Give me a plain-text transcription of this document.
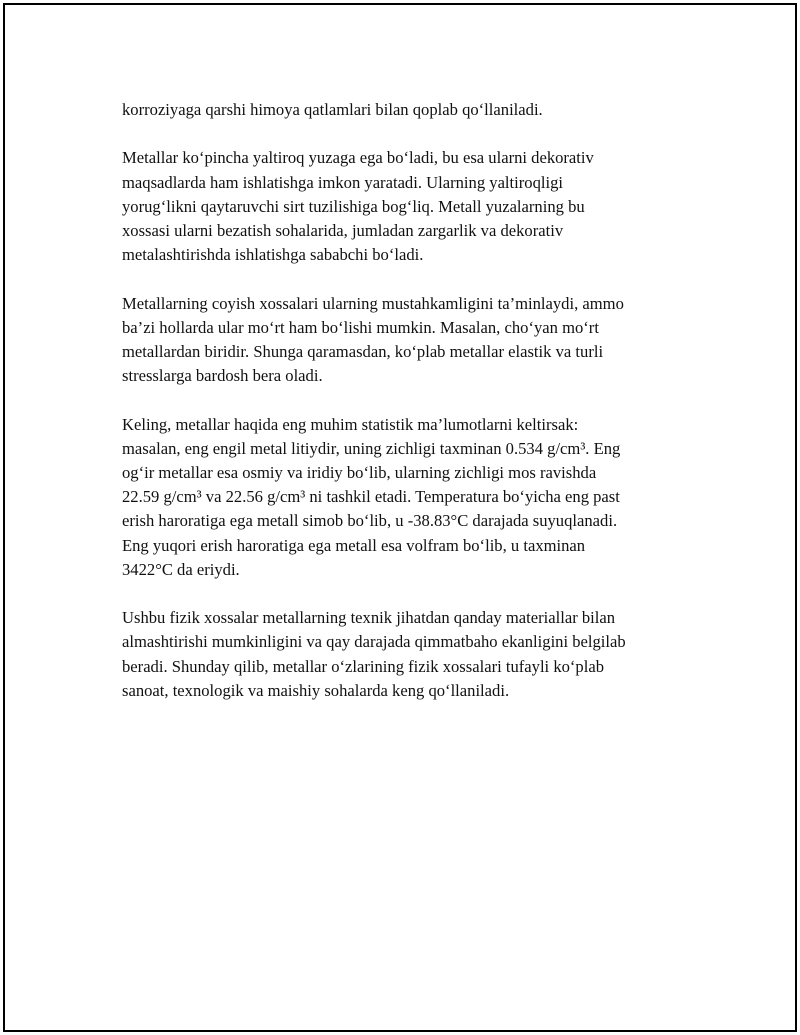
korroziyaga qarshi himoya qatlamlari bilan qoplab qo‘llaniladi.

Metallar ko‘pincha yaltiroq yuzaga ega bo‘ladi, bu esa ularni dekorativ
maqsadlarda ham ishlatishga imkon yaratadi. Ularning yaltiroqligi
yorug‘likni qaytaruvchi sirt tuzilishiga bog‘liq. Metall yuzalarning bu
xossasi ularni bezatish sohalarida, jumladan zargarlik va dekorativ
metalashtirishda ishlatishga sababchi bo‘ladi.

Metallarning coyish xossalari ularning mustahkamligini ta’minlaydi, ammo
ba’zi hollarda ular mo‘rt ham bo‘lishi mumkin. Masalan, cho‘yan mo‘rt
metallardan biridir. Shunga qaramasdan, ko‘plab metallar elastik va turli
stresslarga bardosh bera oladi.

Keling, metallar haqida eng muhim statistik ma’lumotlarni keltirsak:
masalan, eng engil metal litiydir, uning zichligi taxminan 0.534 g/cm³. Eng
og‘ir metallar esa osmiy va iridiy bo‘lib, ularning zichligi mos ravishda
22.59 g/cm³ va 22.56 g/cm³ ni tashkil etadi. Temperatura bo‘yicha eng past
erish haroratiga ega metall simob bo‘lib, u -38.83°C darajada suyuqlanadi.
Eng yuqori erish haroratiga ega metall esa volfram bo‘lib, u taxminan
3422°C da eriydi.

Ushbu fizik xossalar metallarning texnik jihatdan qanday materiallar bilan
almashtirishi mumkinligini va qay darajada qimmatbaho ekanligini belgilab
beradi. Shunday qilib, metallar o‘zlarining fizik xossalari tufayli ko‘plab
sanoat, texnologik va maishiy sohalarda keng qo‘llaniladi.
